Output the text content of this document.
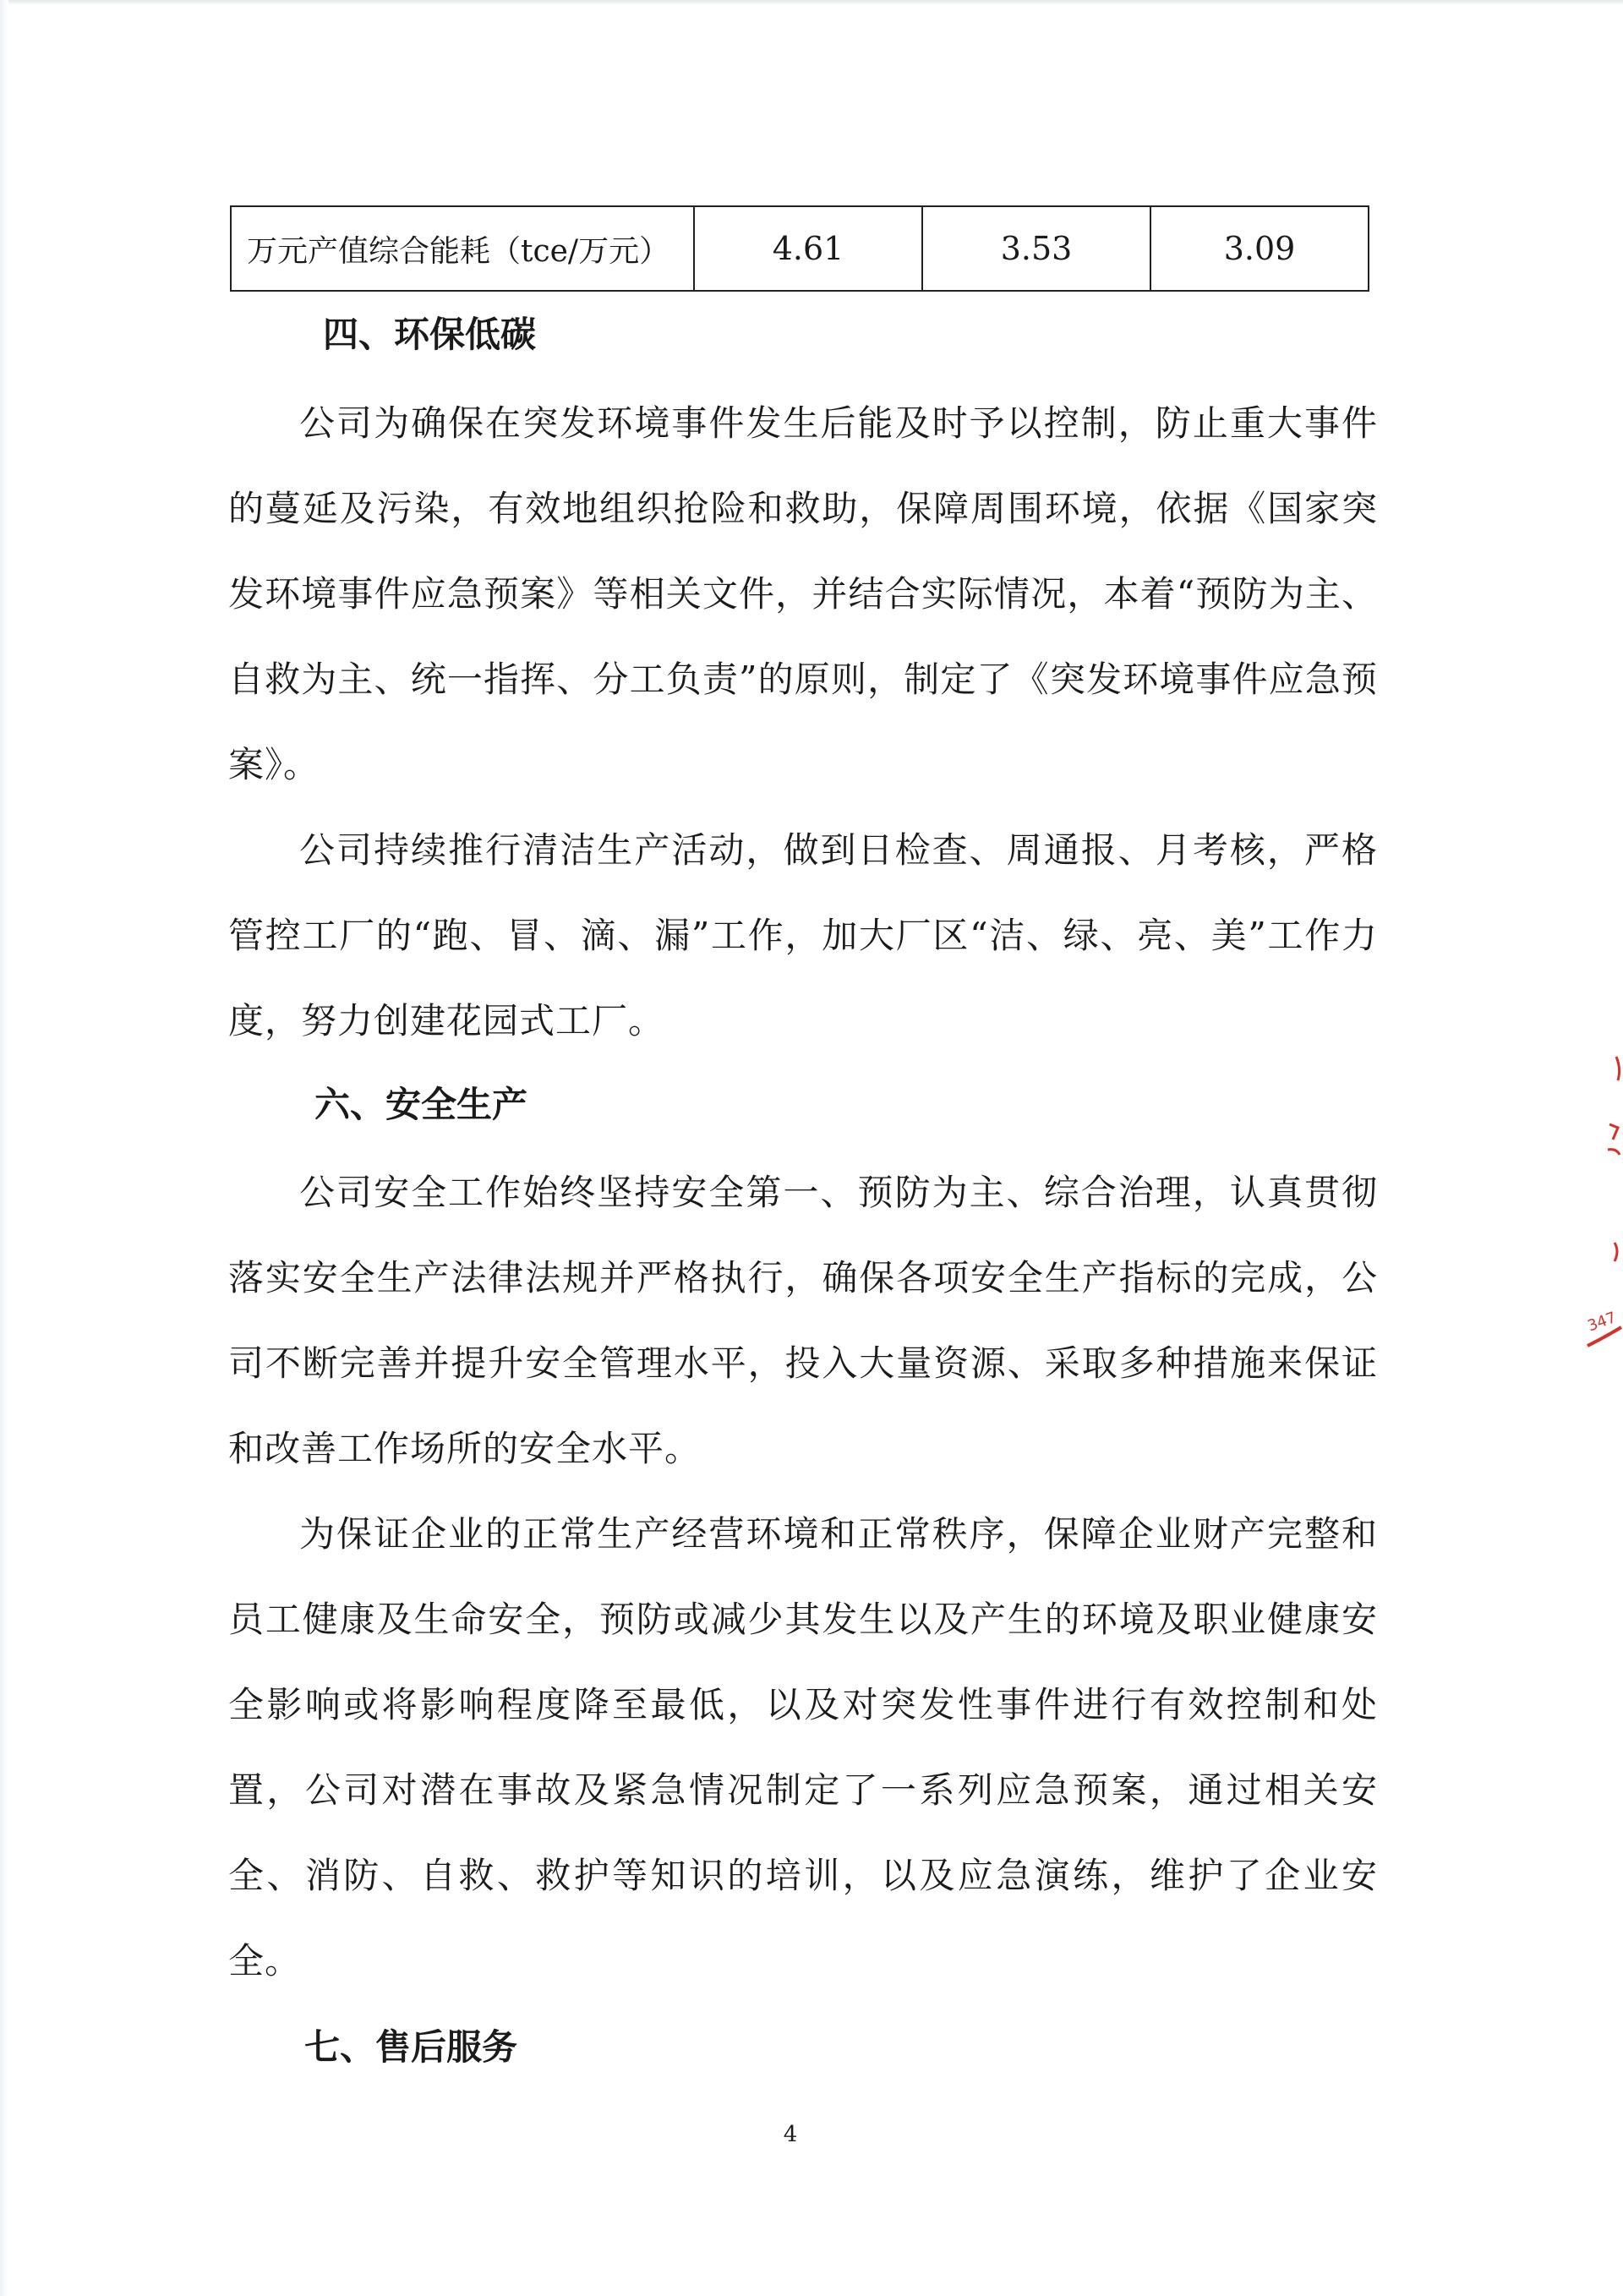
万元产值综合能耗（tce/万元）	4.61	3.53	3.09
四、环保低碳
公司为确保在突发环境事件发生后能及时予以控制，防止重大事件的蔓延及污染，有效地组织抢险和救助，保障周围环境，依据《国家突发环境事件应急预案》等相关文件，并结合实际情况，本着“预防为主、自救为主、统一指挥、分工负责”的原则，制定了《突发环境事件应急预案》。
公司持续推行清洁生产活动，做到日检查、周通报、月考核，严格管控工厂的“跑、冒、滴、漏”工作，加大厂区“洁、绿、亮、美”工作力度，努力创建花园式工厂。
六、安全生产
公司安全工作始终坚持安全第一、预防为主、综合治理，认真贯彻落实安全生产法律法规并严格执行，确保各项安全生产指标的完成，公司不断完善并提升安全管理水平，投入大量资源、采取多种措施来保证和改善工作场所的安全水平。
为保证企业的正常生产经营环境和正常秩序，保障企业财产完整和员工健康及生命安全，预防或减少其发生以及产生的环境及职业健康安全影响或将影响程度降至最低，以及对突发性事件进行有效控制和处置，公司对潜在事故及紧急情况制定了一系列应急预案，通过相关安全、消防、自救、救护等知识的培训，以及应急演练，维护了企业安全。
七、售后服务
4
347
